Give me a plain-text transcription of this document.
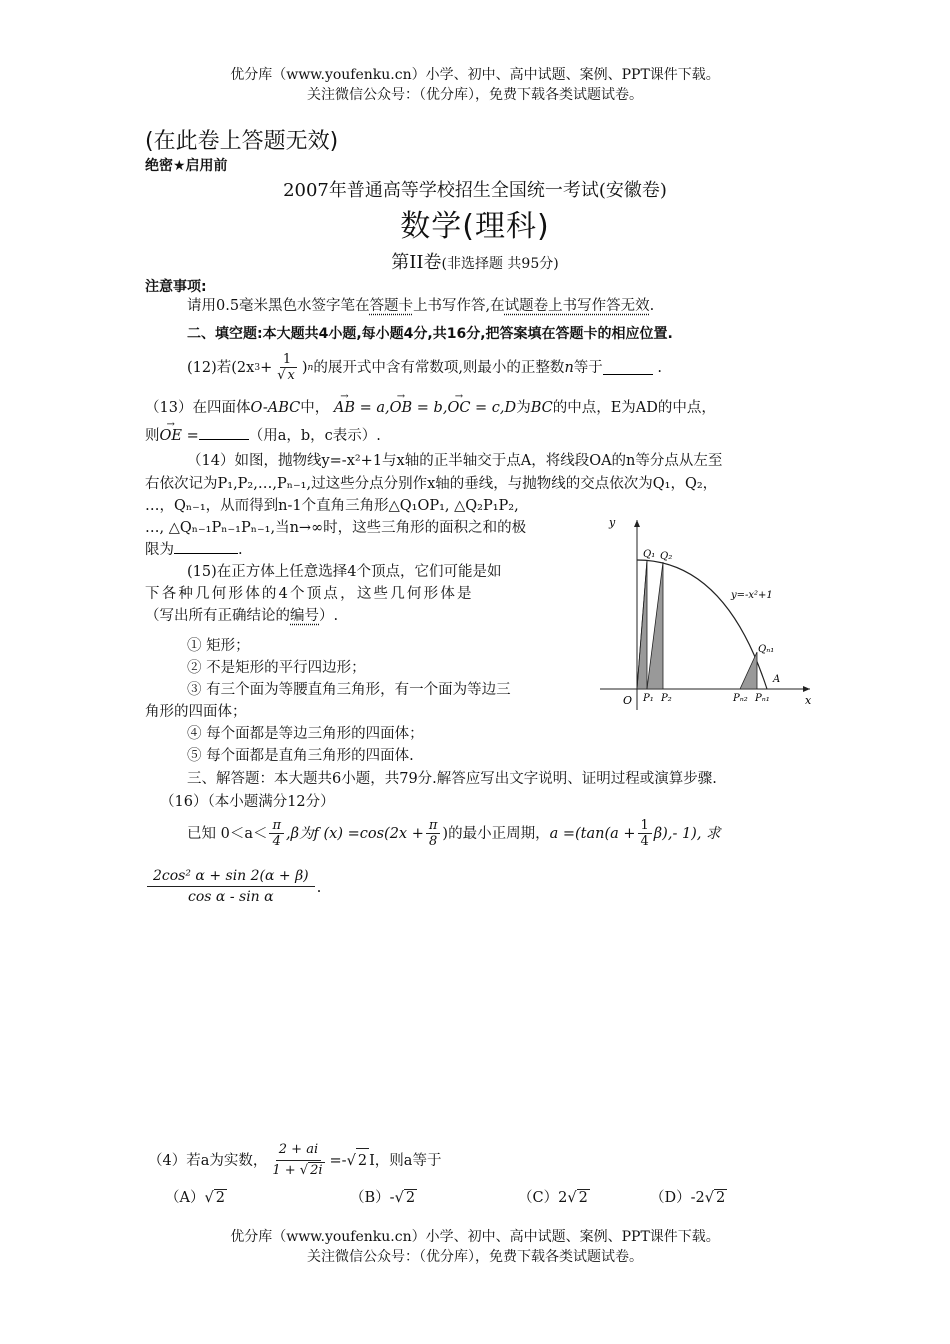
优分库（www.youfenku.cn）小学、初中、高中试题、案例、PPT课件下载。
关注微信公众号：（优分库），免费下载各类试题试卷。
(在此卷上答题无效)
绝密★启用前
2007年普通高等学校招生全国统一考试(安徽卷)
数学(理科)
第II卷(非选择题 共95分)
注意事项:
请用0.5毫米黑色水签字笔在答题卡上书写作答,在试题卷上书写作答无效.
二、填空题:本大题共4小题,每小题4分,共16分,把答案填在答题卡的相应位置.
(12)若(2x $3 + \frac{1}{√ x}$ ) n 的展开式中含有常数项,则最小的正整数 n 等于
	.
（13）在四面体O-ABC中， → AB = a,→ OB = b,→ OC = c,D为BC的中点，E为AD的中点，
则→ OE =	（用a，b，c表示）.
（14）如图，抛物线y=-x²+1与x轴的正半轴交于点A，将线段OA的n等分点从左至
右依次记为P₁,P₂,…,Pₙ₋₁,过这些分点分别作x轴的垂线，与抛物线的交点依次为Q₁，Q₂，
…，Qₙ₋₁，从而得到n-1个直角三角形△Q₁OP₁, △Q₂P₁P₂,
…, △Qₙ₋₁Pₙ₋₁Pₙ₋₁,当n→∞时，这些三角形的面积之和的极
限为	.
(15)在正方体上任意选择4个顶点，它们可能是如
下各种几何形体的4个顶点，这些几何形体是
（写出所有正确结论的编号）.
① 矩形；
② 不是矩形的平行四边形；
③ 有三个面为等腰直角三角形，有一个面为等边三
角形的四面体；
④ 每个面都是等边三角形的四面体；
⑤ 每个面都是直角三角形的四面体.
y
x
O
Q₁ Q₂
y=-x²+1
Qₙ₁
A
P₁ P₂	Pₙ₂ Pₙ₁
三、解答题：本大题共6小题，共79分.解答应写出文字说明、证明过程或演算步骤.
（16）（本小题满分12分）
已知 $0<a< \frac{\pi}{4} ,\beta$为f $(x) =\cos(2x + \frac{\pi}{8}$ )的最小正周期， $a =(\tan(a + \frac{1}{4} \beta),-$ 1), 求
$\frac{\text{2cos² α + sin 2(α + β)}}{\text{cos α - sin α}}$ .
（4）若a为实数， $\frac{2 + ai}{1 + √ 2i}$ =- √ 2 I，则a等于
（A）√ 2	（B）-√ 2	（C）2√ 2	（D）-2√ 2
优分库（www.youfenku.cn）小学、初中、高中试题、案例、PPT课件下载。
关注微信公众号：（优分库），免费下载各类试题试卷。
